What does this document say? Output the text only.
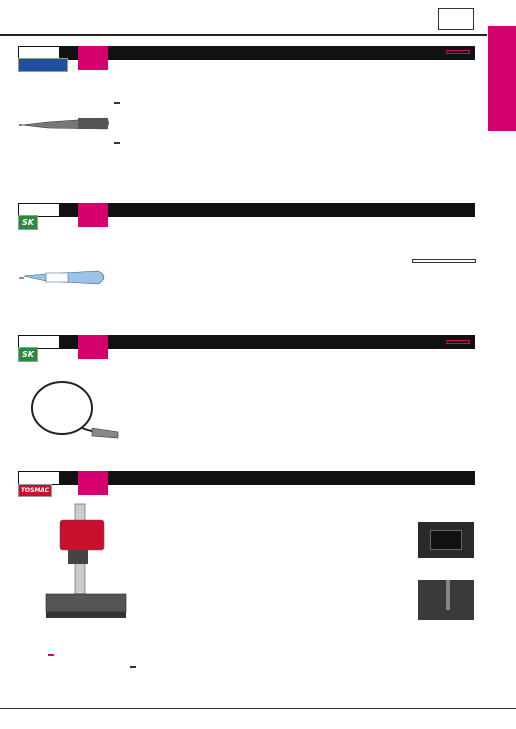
SK

SK

TOSMAC
